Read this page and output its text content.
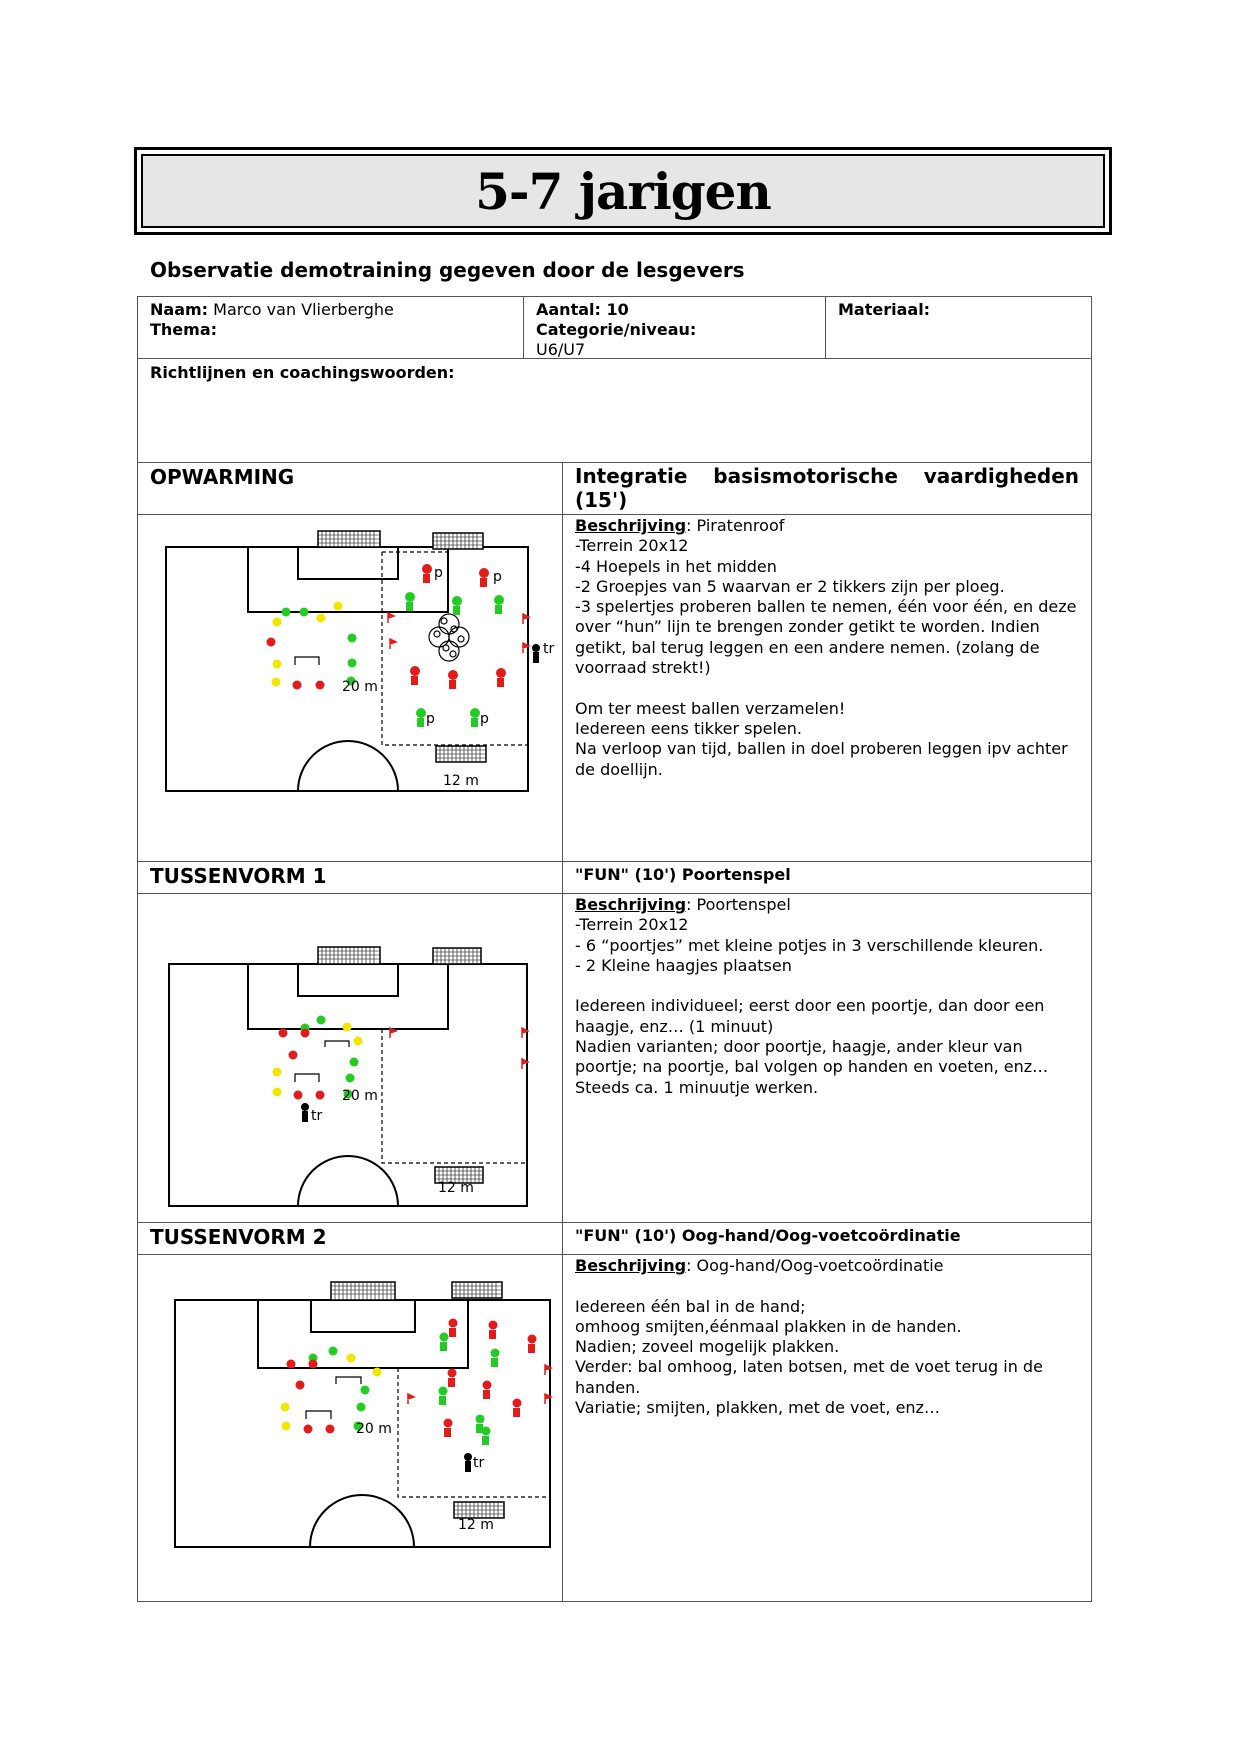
5-7 jarigen
Observatie demotraining gegeven door de lesgevers
Naam: Marco van Vlierberghe
Thema:
Aantal: 10
Categorie/niveau:
U6/U7
Materiaal:
Richtlijnen en coachingswoorden:
OPWARMING	Integratie basismotorische vaardigheden (15')
20 m
12 m
tr
p	p
p	p
Beschrijving: Piratenroof
-Terrein 20x12
-4 Hoepels in het midden
-2 Groepjes van 5 waarvan er 2 tikkers zijn per ploeg.
-3 spelertjes proberen ballen te nemen, één voor één, en deze over “hun” lijn te brengen zonder getikt te worden. Indien getikt, bal terug leggen en een andere nemen. (zolang de voorraad strekt!)

Om ter meest ballen verzamelen!
Iedereen eens tikker spelen.
Na verloop van tijd, ballen in doel proberen leggen ipv achter de doellijn.
TUSSENVORM 1	"FUN" (10') Poortenspel
20 m
12 m
tr
Beschrijving: Poortenspel
-Terrein 20x12
- 6 “poortjes” met kleine potjes in 3 verschillende kleuren.
- 2 Kleine haagjes plaatsen

Iedereen individueel; eerst door een poortje, dan door een haagje, enz… (1 minuut)
Nadien varianten; door poortje, haagje, ander kleur van poortje; na poortje, bal volgen op handen en voeten, enz…
Steeds ca. 1 minuutje werken.
TUSSENVORM 2	"FUN" (10') Oog-hand/Oog-voetcoördinatie
20 m
12 m
tr
Beschrijving: Oog-hand/Oog-voetcoördinatie

Iedereen één bal in de hand;
omhoog smijten,éénmaal plakken in de handen.
Nadien; zoveel mogelijk plakken.
Verder: bal omhoog, laten botsen, met de voet terug in de handen.
Variatie; smijten, plakken, met de voet, enz…
